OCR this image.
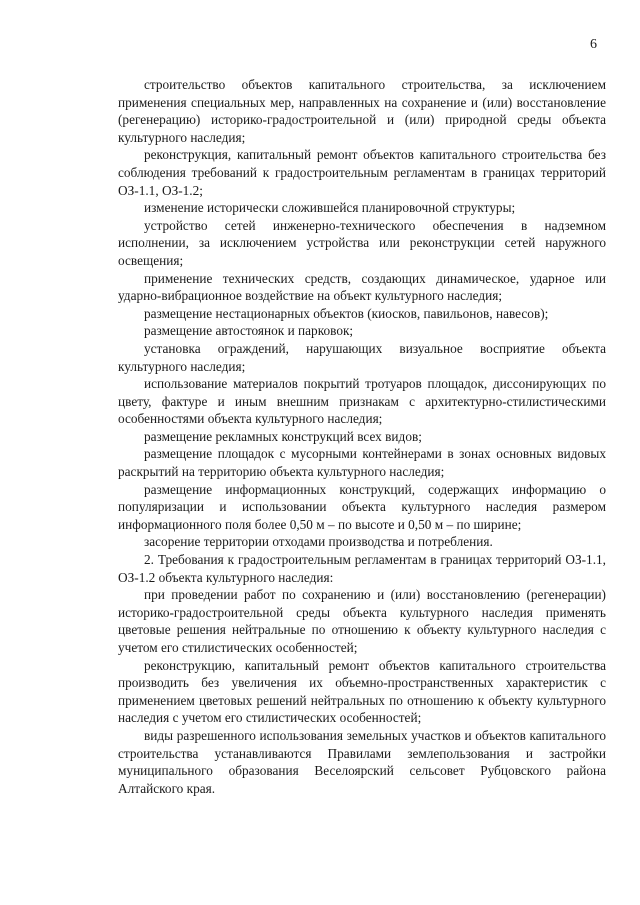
6

строительство объектов капитального строительства, за исключением применения специальных мер, направленных на сохранение и (или) восстановление (регенерацию) историко-градостроительной и (или) природной среды объекта культурного наследия;

реконструкция, капитальный ремонт объектов капитального строительства без соблюдения требований к градостроительным регламентам в границах территорий ОЗ-1.1, ОЗ-1.2;

изменение исторически сложившейся планировочной структуры;

устройство сетей инженерно-технического обеспечения в надземном исполнении, за исключением устройства или реконструкции сетей наружного освещения;

применение технических средств, создающих динамическое, ударное или ударно-вибрационное воздействие на объект культурного наследия;

размещение нестационарных объектов (киосков, павильонов, навесов);

размещение автостоянок и парковок;

установка ограждений, нарушающих визуальное восприятие объекта культурного наследия;

использование материалов покрытий тротуаров площадок, диссонирующих по цвету, фактуре и иным внешним признакам с архитектурно-стилистическими особенностями объекта культурного наследия;

размещение рекламных конструкций всех видов;

размещение площадок с мусорными контейнерами в зонах основных видовых раскрытий на территорию объекта культурного наследия;

размещение информационных конструкций, содержащих информацию о популяризации и использовании объекта культурного наследия размером информационного поля более 0,50 м – по высоте и 0,50 м – по ширине;

засорение территории отходами производства и потребления.

2. Требования к градостроительным регламентам в границах территорий ОЗ-1.1, ОЗ-1.2 объекта культурного наследия:

при проведении работ по сохранению и (или) восстановлению (регенерации) историко-градостроительной среды объекта культурного наследия применять цветовые решения нейтральные по отношению к объекту культурного наследия с учетом его стилистических особенностей;

реконструкцию, капитальный ремонт объектов капитального строительства производить без увеличения их объемно-пространственных характеристик с применением цветовых решений нейтральных по отношению к объекту культурного наследия с учетом его стилистических особенностей;

виды разрешенного использования земельных участков и объектов капитального строительства устанавливаются Правилами землепользования и застройки муниципального образования Веселоярский сельсовет Рубцовского района Алтайского края.
